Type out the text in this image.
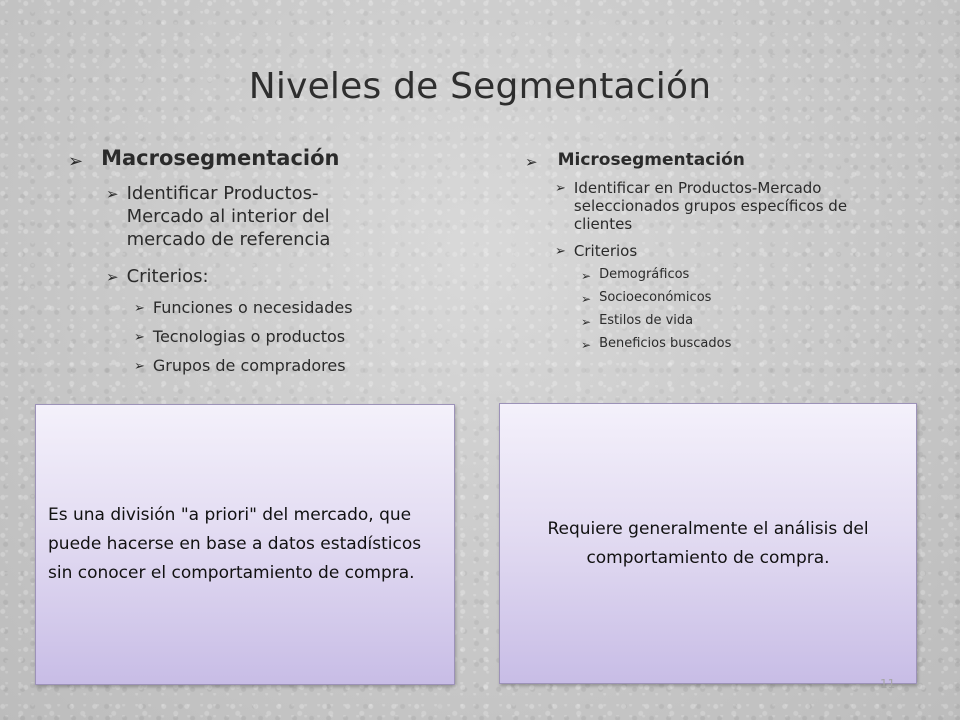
Niveles de Segmentación
➢ Macrosegmentación
➢ Identificar Productos-Mercado al interior del mercado de referencia
➢ Criterios:
➢ Funciones o necesidades
➢ Tecnologias o productos
➢ Grupos de compradores
➢ Microsegmentación
➢ Identificar en Productos-Mercado seleccionados grupos específicos de clientes
➢ Criterios
➢ Demográficos
➢ Socioeconómicos
➢ Estilos de vida
➢ Beneficios buscados
Es una división "a priori" del mercado, que puede hacerse en base a datos estadísticos sin conocer el comportamiento de compra.
Requiere generalmente el análisis del comportamiento de compra.
11
